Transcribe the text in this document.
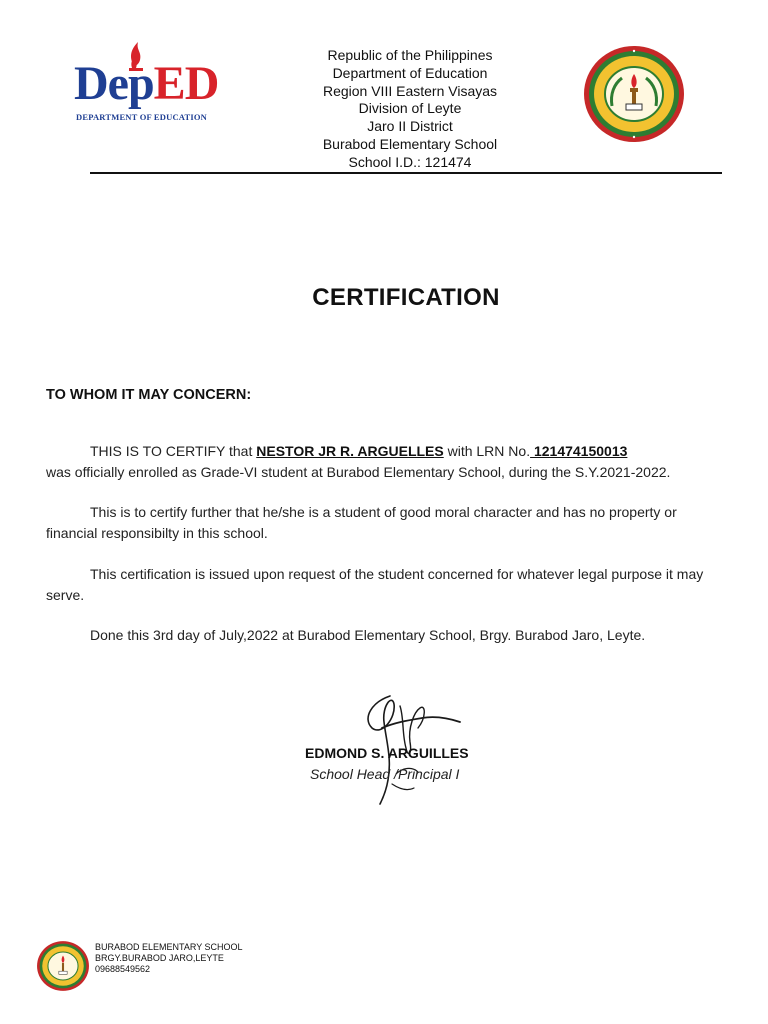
DepED
DEPARTMENT OF EDUCATION
Republic of the Philippines
Department of Education
Region VIII Eastern Visayas
Division of Leyte
Jaro II District
Burabod Elementary School
School I.D.: 121474
CERTIFICATION
TO WHOM IT MAY CONCERN:
THIS IS TO CERTIFY that NESTOR JR R. ARGUELLES with LRN No. 121474150013
was officially enrolled as Grade-VI student at Burabod Elementary School, during the S.Y.2021-2022.
This is to certify further that he/she is a student of good moral character and has no property or financial responsibilty in this school.
This certification is issued upon request of the student concerned for whatever legal purpose it may serve.
Done this 3rd day of July,2022 at Burabod Elementary School, Brgy. Burabod Jaro, Leyte.
EDMOND S. ARGUILLES
School Head /Principal I
BURABOD ELEMENTARY SCHOOL
BRGY.BURABOD JARO,LEYTE
09688549562
